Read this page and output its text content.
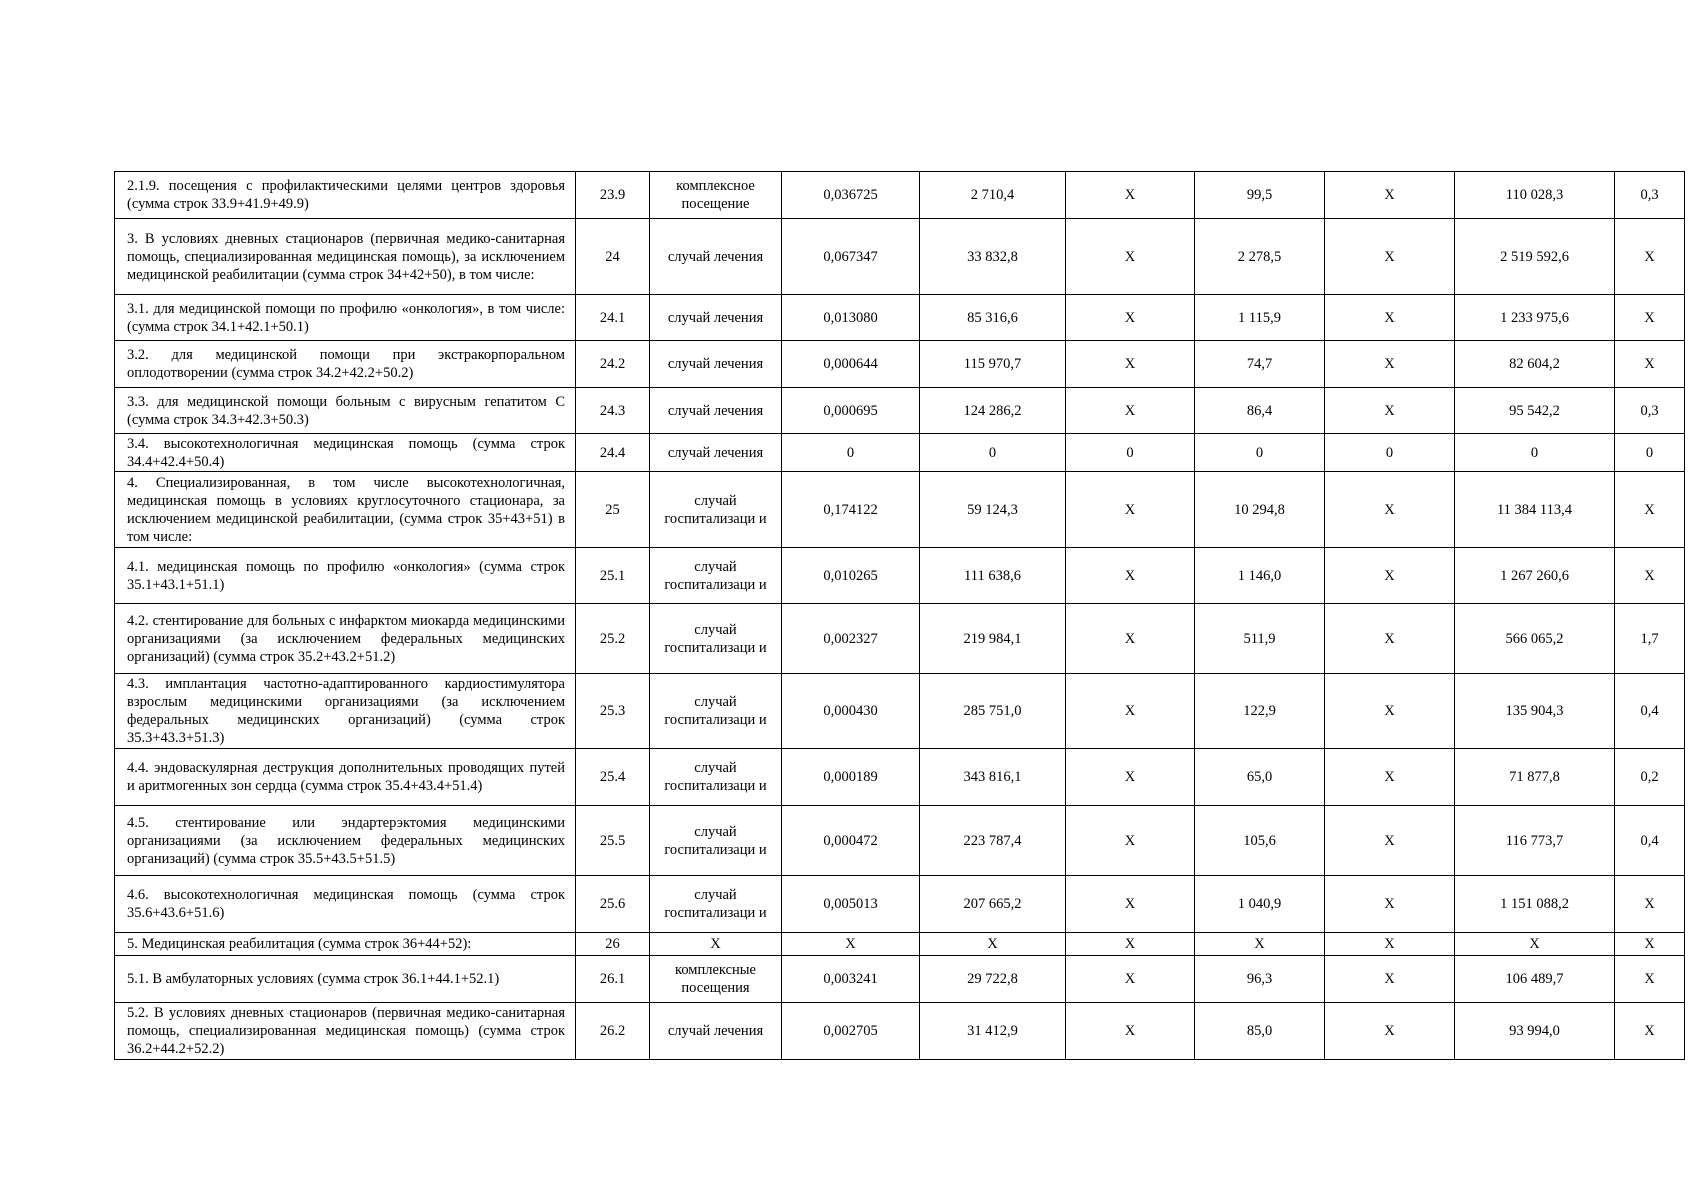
2.1.9. посещения с профилактическими целями центров здоровья (сумма строк 33.9+41.9+49.9)	23.9	комплексное посещение	0,036725	2 710,4	Х	99,5	Х	110 028,3	0,3
3. В условиях дневных стационаров (первичная медико-санитарная помощь, специализированная медицинская помощь), за исключением медицинской реабилитации (сумма строк 34+42+50), в том числе:	24	случай лечения	0,067347	33 832,8	Х	2 278,5	Х	2 519 592,6	Х
3.1. для медицинской помощи по профилю «онкология», в том числе: (сумма строк 34.1+42.1+50.1)	24.1	случай лечения	0,013080	85 316,6	Х	1 115,9	Х	1 233 975,6	Х
3.2. для медицинской помощи при экстракорпоральном оплодотворении (сумма строк 34.2+42.2+50.2)	24.2	случай лечения	0,000644	115 970,7	Х	74,7	Х	82 604,2	Х
3.3. для медицинской помощи больным с вирусным гепатитом С (сумма строк 34.3+42.3+50.3)	24.3	случай лечения	0,000695	124 286,2	Х	86,4	Х	95 542,2	0,3
3.4. высокотехнологичная медицинская помощь (сумма строк 34.4+42.4+50.4)	24.4	случай лечения	0	0	0	0	0	0	0
4. Специализированная, в том числе высокотехнологичная, медицинская помощь в условиях круглосуточного стационара, за исключением медицинской реабилитации, (сумма строк 35+43+51) в том числе:	25	случай госпитализаци и	0,174122	59 124,3	Х	10 294,8	Х	11 384 113,4	Х
4.1. медицинская помощь по профилю «онкология» (сумма строк 35.1+43.1+51.1)	25.1	случай госпитализаци и	0,010265	111 638,6	Х	1 146,0	Х	1 267 260,6	Х
4.2. стентирование для больных с инфарктом миокарда медицинскими организациями (за исключением федеральных медицинских организаций) (сумма строк 35.2+43.2+51.2)	25.2	случай госпитализаци и	0,002327	219 984,1	Х	511,9	Х	566 065,2	1,7
4.3. имплантация частотно-адаптированного кардиостимулятора взрослым медицинскими организациями (за исключением федеральных медицинских организаций) (сумма строк 35.3+43.3+51.3)	25.3	случай госпитализаци и	0,000430	285 751,0	Х	122,9	Х	135 904,3	0,4
4.4. эндоваскулярная деструкция дополнительных проводящих путей и аритмогенных зон сердца (сумма строк 35.4+43.4+51.4)	25.4	случай госпитализаци и	0,000189	343 816,1	Х	65,0	Х	71 877,8	0,2
4.5. стентирование или эндартерэктомия медицинскими организациями (за исключением федеральных медицинских организаций) (сумма строк 35.5+43.5+51.5)	25.5	случай госпитализаци и	0,000472	223 787,4	Х	105,6	Х	116 773,7	0,4
4.6. высокотехнологичная медицинская помощь (сумма строк 35.6+43.6+51.6)	25.6	случай госпитализаци и	0,005013	207 665,2	Х	1 040,9	Х	1 151 088,2	Х
5. Медицинская реабилитация (сумма строк 36+44+52):	26	Х	Х	Х	Х	Х	Х	Х	Х
5.1. В амбулаторных условиях (сумма строк 36.1+44.1+52.1)	26.1	комплексные посещения	0,003241	29 722,8	Х	96,3	Х	106 489,7	Х
5.2. В условиях дневных стационаров (первичная медико-санитарная помощь, специализированная медицинская помощь) (сумма строк 36.2+44.2+52.2)	26.2	случай лечения	0,002705	31 412,9	Х	85,0	Х	93 994,0	Х
